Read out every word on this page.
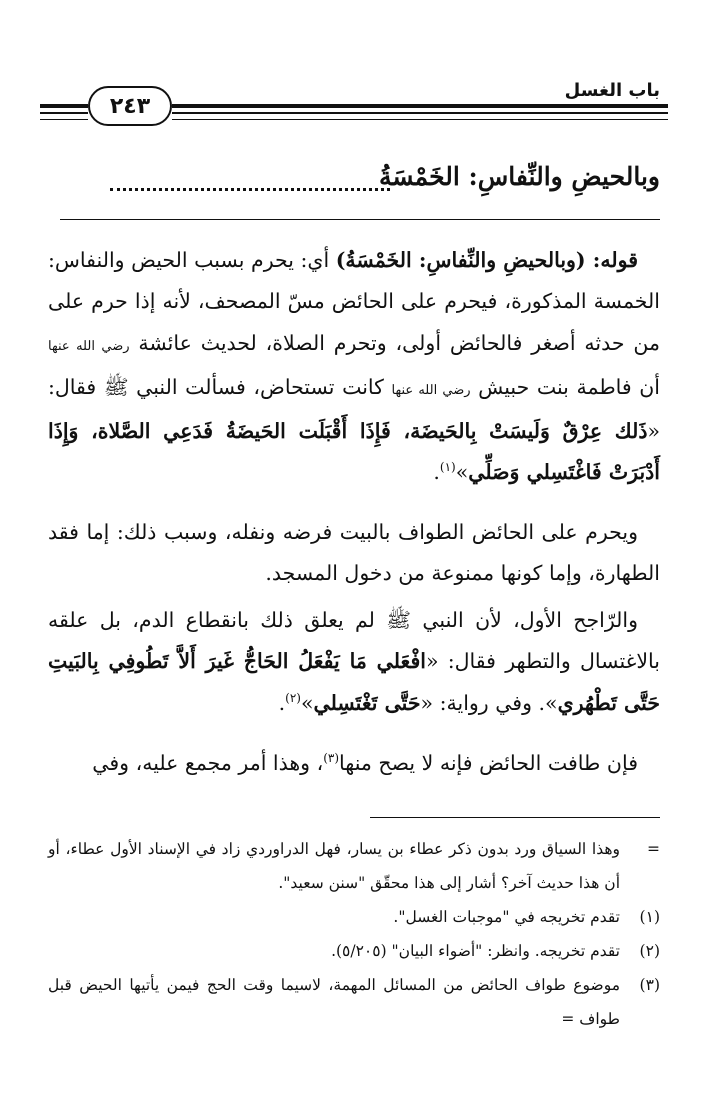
باب الغسل
٢٤٣
وبالحيضِ والنِّفاسِ: الخَمْسَةُ

قوله: (وبالحيضِ والنِّفاسِ: الخَمْسَةُ) أي: يحرم بسبب الحيض والنفاس: الخمسة المذكورة، فيحرم على الحائض مسّ المصحف، لأنه إذا حرم على من حدثه أصغر فالحائض أولى، وتحرم الصلاة، لحديث عائشة رضي الله عنها أن فاطمة بنت حبيش رضي الله عنها كانت تستحاض، فسألت النبي ﷺ فقال: «ذَلك عِرْقٌ وَلَيسَتْ بِالحَيضَة، فَإِذَا أَقْبَلَت الحَيضَةُ فَدَعِي الصَّلاة، وَإِذَا أَدْبَرَتْ فَاغْتَسِلي وَصَلِّي»$^{(١)}$.

ويحرم على الحائض الطواف بالبيت فرضه ونفله، وسبب ذلك: إما فقد الطهارة، وإما كونها ممنوعة من دخول المسجد.

والرّاجح الأول، لأن النبي ﷺ لم يعلق ذلك بانقطاع الدم، بل علقه بالاغتسال والتطهر فقال: «افْعَلي مَا يَفْعَلُ الحَاجُّ غَيرَ أَلاَّ تَطُوفِي بِالبَيتِ حَتَّى تَطْهُري». وفي رواية: «حَتَّى تَغْتَسِلي»$^{(٢)}$.

فإن طافت الحائض فإنه لا يصح منها$^{(٣)}$، وهذا أمر مجمع عليه، وفي

=
وهذا السياق ورد بدون ذكر عطاء بن يسار، فهل الدراوردي زاد في الإسناد الأول عطاء، أو أن هذا حديث آخر؟ أشار إلى هذا محقّق "سنن سعيد".
(١)
تقدم تخريجه في "موجبات الغسل".
(٢)
تقدم تخريجه. وانظر: "أضواء البيان" (٥/٢٠٥).
(٣)
موضوع طواف الحائض من المسائل المهمة، لاسيما وقت الحج فيمن يأتيها الحيض قبل طواف =
